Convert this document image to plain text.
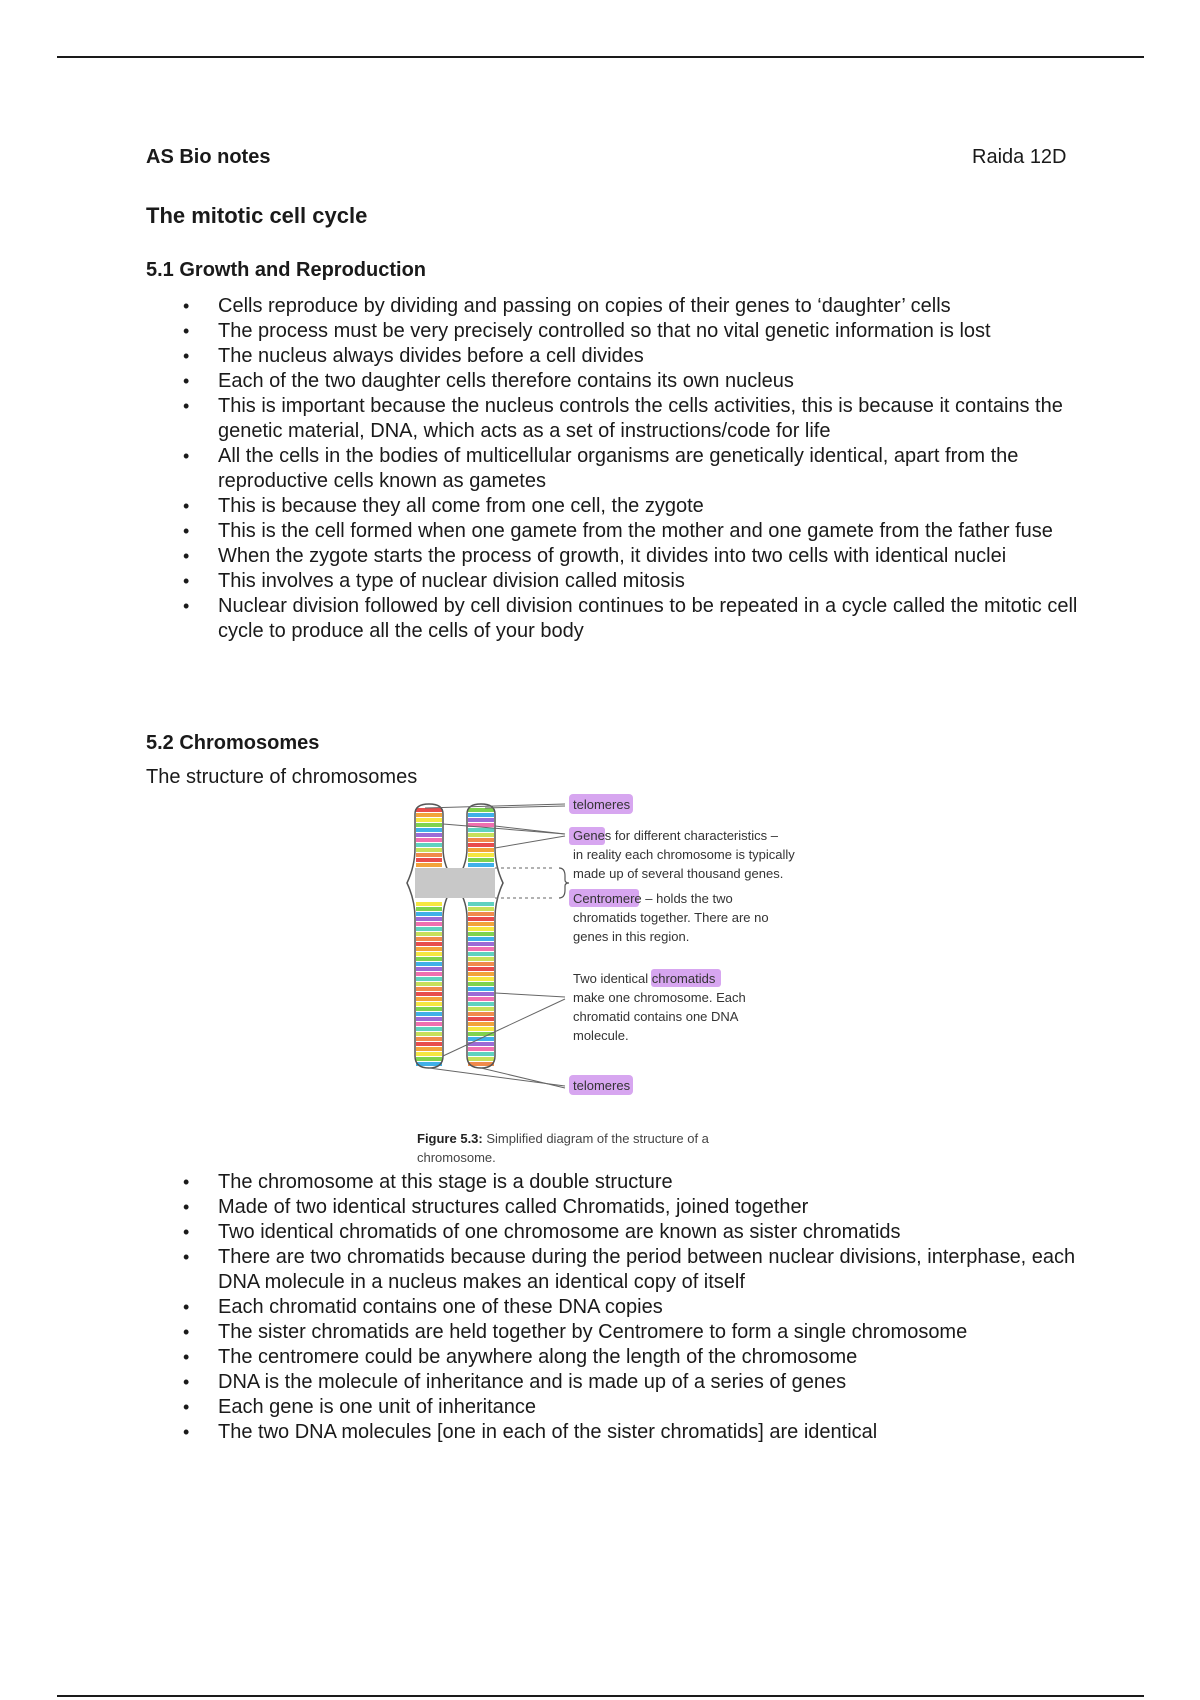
AS Bio notes	Raida 12D
The mitotic cell cycle
5.1 Growth and Reproduction
• Cells reproduce by dividing and passing on copies of their genes to ‘daughter’ cells
• The process must be very precisely controlled so that no vital genetic information is lost
• The nucleus always divides before a cell divides
• Each of the two daughter cells therefore contains its own nucleus
• This is important because the nucleus controls the cells activities, this is because it contains the genetic material, DNA, which acts as a set of instructions/code for life
• All the cells in the bodies of multicellular organisms are genetically identical, apart from the reproductive cells known as gametes
• This is because they all come from one cell, the zygote
• This is the cell formed when one gamete from the mother and one gamete from the father fuse
• When the zygote starts the process of growth, it divides into two cells with identical nuclei
• This involves a type of nuclear division called mitosis
• Nuclear division followed by cell division continues to be repeated in a cycle called the mitotic cell cycle to produce all the cells of your body
5.2 Chromosomes
The structure of chromosomes
telomeres
Genes for different characteristics –
in reality each chromosome is typically
made up of several thousand genes.
Centromere – holds the two
chromatids together. There are no
genes in this region.
Two identical chromatids
make one chromosome. Each
chromatid contains one DNA
molecule.
telomeres
Figure 5.3: Simplified diagram of the structure of a chromosome.
• The chromosome at this stage is a double structure
• Made of two identical structures called Chromatids, joined together
• Two identical chromatids of one chromosome are known as sister chromatids
• There are two chromatids because during the period between nuclear divisions, interphase, each DNA molecule in a nucleus makes an identical copy of itself
• Each chromatid contains one of these DNA copies
• The sister chromatids are held together by Centromere to form a single chromosome
• The centromere could be anywhere along the length of the chromosome
• DNA is the molecule of inheritance and is made up of a series of genes
• Each gene is one unit of inheritance
• The two DNA molecules [one in each of the sister chromatids] are identical
